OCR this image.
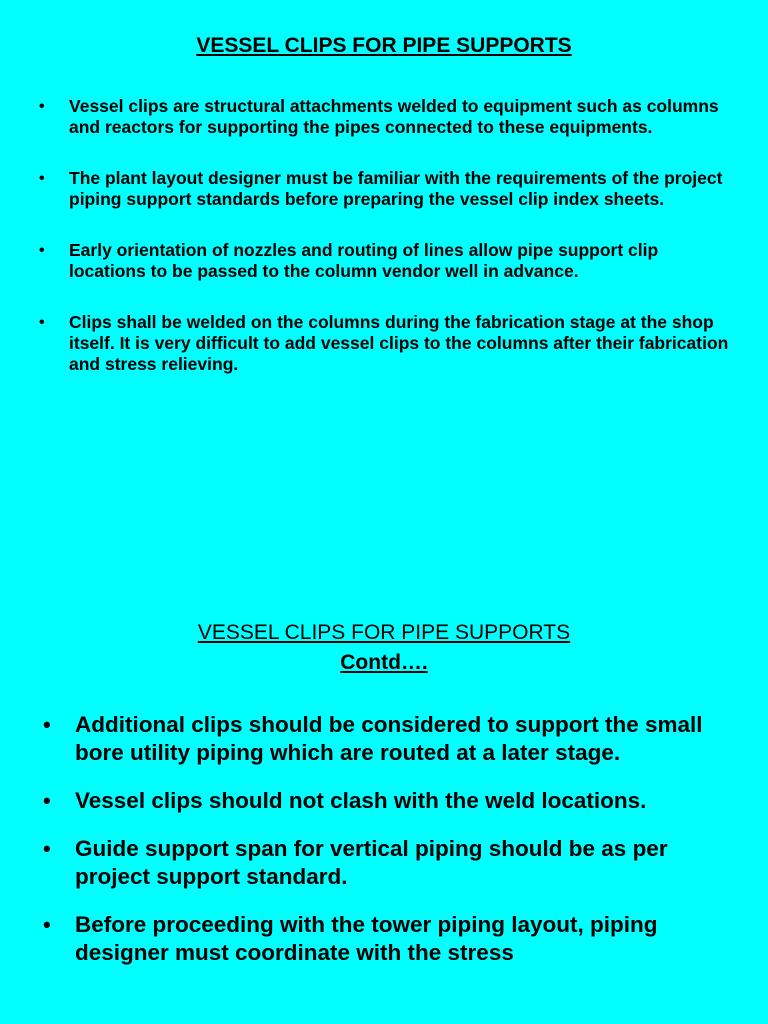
VESSEL CLIPS FOR PIPE SUPPORTS
• Vessel clips are structural attachments welded to equipment such as columns and reactors for supporting the pipes connected to these equipments.
• The plant layout designer must be familiar with the requirements of the project piping support standards before preparing the vessel clip index sheets.
• Early orientation of nozzles and routing of lines allow pipe support clip locations to be passed to the column vendor well in advance.
• Clips shall be welded on the columns during the fabrication stage at the shop itself. It is very difficult to add vessel clips to the columns after their fabrication and stress relieving.
VESSEL CLIPS FOR PIPE SUPPORTS

Contd….

• Additional clips should be considered to support the small bore utility piping which are routed at a later stage.
• Vessel clips should not clash with the weld locations.
• Guide support span for vertical piping should be as per project support standard.
• Before proceeding with the tower piping layout, piping designer must coordinate with the stress
